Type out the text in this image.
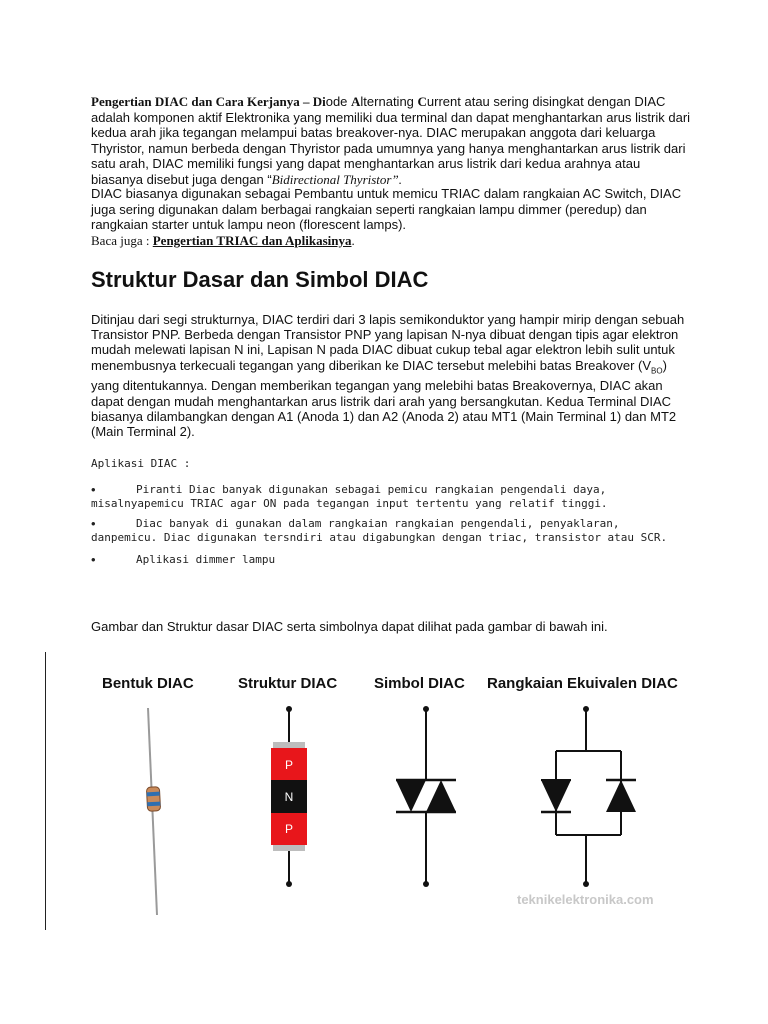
Pengertian DIAC dan Cara Kerjanya – Diode Alternating Current atau sering disingkat dengan DIAC adalah komponen aktif Elektronika yang memiliki dua terminal dan dapat menghantarkan arus listrik dari kedua arah jika tegangan melampui batas breakover-nya. DIAC merupakan anggota dari keluarga Thyristor, namun berbeda dengan Thyristor pada umumnya yang hanya menghantarkan arus listrik dari satu arah, DIAC memiliki fungsi yang dapat menghantarkan arus listrik dari kedua arahnya atau biasanya disebut juga dengan “Bidirectional Thyristor”.
DIAC biasanya digunakan sebagai Pembantu untuk memicu TRIAC dalam rangkaian AC Switch, DIAC juga sering digunakan dalam berbagai rangkaian seperti rangkaian lampu dimmer (peredup) dan rangkaian starter untuk lampu neon (florescent lamps).
Baca juga : Pengertian TRIAC dan Aplikasinya.
Struktur Dasar dan Simbol DIAC
Ditinjau dari segi strukturnya, DIAC terdiri dari 3 lapis semikonduktor yang hampir mirip dengan sebuah Transistor PNP. Berbeda dengan Transistor PNP yang lapisan N-nya dibuat dengan tipis agar elektron mudah melewati lapisan N ini, Lapisan N pada DIAC dibuat cukup tebal agar elektron lebih sulit untuk menembusnya terkecuali tegangan yang diberikan ke DIAC tersebut melebihi batas Breakover $(V_{BO})$ yang ditentukannya. Dengan memberikan tegangan yang melebihi batas Breakovernya, DIAC akan dapat dengan mudah menghantarkan arus listrik dari arah yang bersangkutan. Kedua Terminal DIAC biasanya dilambangkan dengan A1 (Anoda 1) dan A2 (Anoda 2) atau MT1 (Main Terminal 1) dan MT2 (Main Terminal 2).
Aplikasi DIAC :
•	Piranti Diac banyak digunakan sebagai pemicu rangkaian pengendali daya, misalnyapemicu TRIAC agar ON pada tegangan input tertentu yang relatif tinggi.
•	Diac banyak di gunakan dalam rangkaian rangkaian pengendali, penyaklaran, danpemicu. Diac digunakan tersndiri atau digabungkan dengan triac, transistor atau SCR.
•	Aplikasi dimmer lampu
Gambar dan Struktur dasar DIAC serta simbolnya dapat dilihat pada gambar di bawah ini.
Bentuk DIAC	Struktur DIAC Simbol DIAC Rangkaian Ekuivalen DIAC
P
N
P
teknikelektronika.com
